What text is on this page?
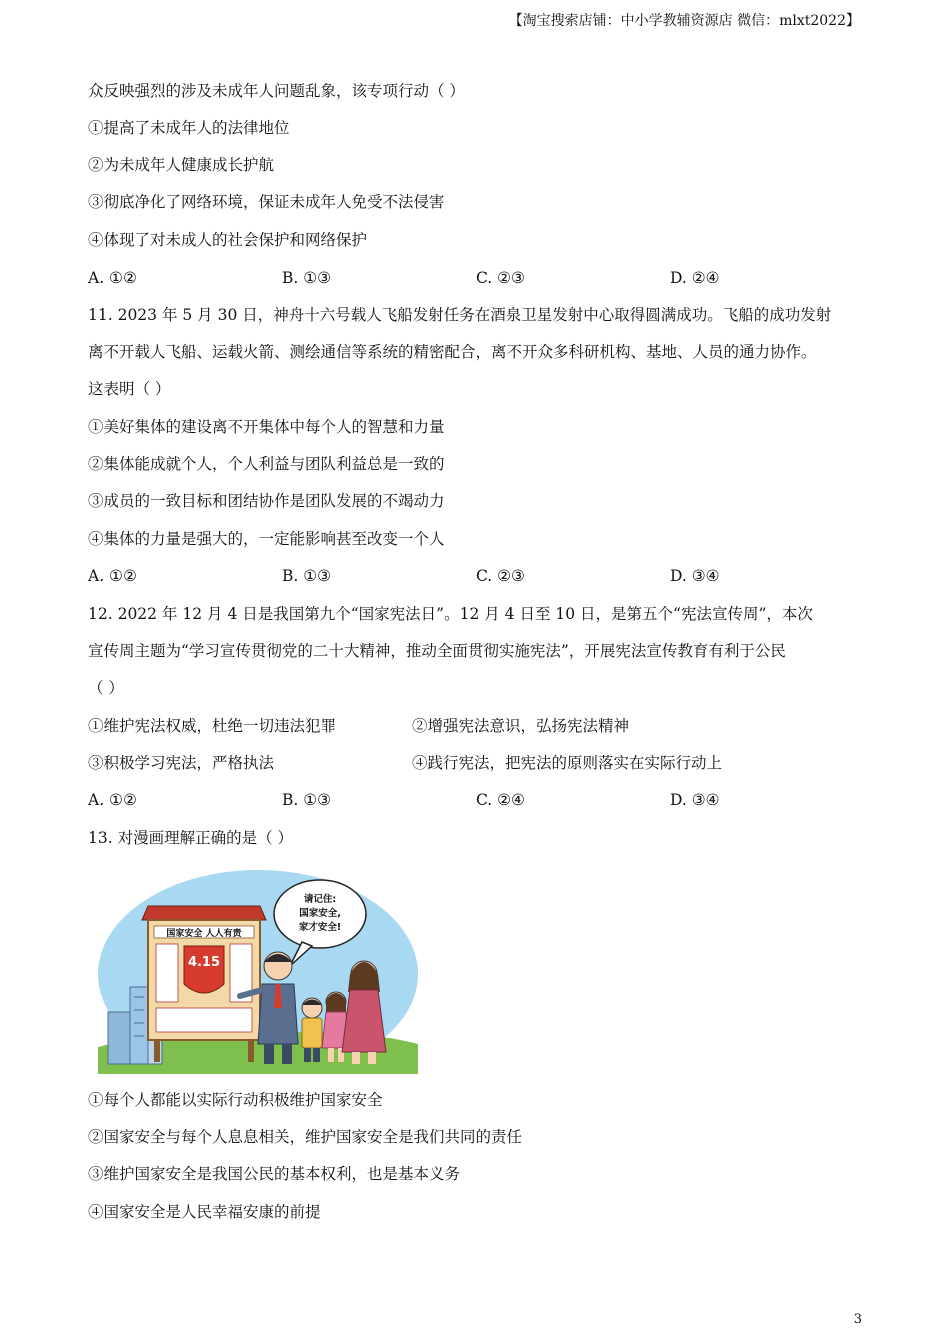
【淘宝搜索店铺：中小学教辅资源店 微信：mlxt2022】
众反映强烈的涉及未成年人问题乱象，该专项行动（ ）
①提高了未成年人的法律地位
②为未成年人健康成长护航
③彻底净化了网络环境，保证未成年人免受不法侵害
④体现了对未成人的社会保护和网络保护
A. ①②	B. ①③	C. ②③	D. ②④
11. 2023 年 5 月 30 日，神舟十六号载人飞船发射任务在酒泉卫星发射中心取得圆满成功。飞船的成功发射
离不开载人飞船、运载火箭、测绘通信等系统的精密配合，离不开众多科研机构、基地、人员的通力协作。
这表明（ ）
①美好集体的建设离不开集体中每个人的智慧和力量
②集体能成就个人，个人利益与团队利益总是一致的
③成员的一致目标和团结协作是团队发展的不竭动力
④集体的力量是强大的，一定能影响甚至改变一个人
A. ①②	B. ①③	C. ②③	D. ③④
12. 2022 年 12 月 4 日是我国第九个“国家宪法日”。12 月 4 日至 10 日，是第五个“宪法宣传周”，本次
宣传周主题为“学习宣传贯彻党的二十大精神，推动全面贯彻实施宪法”，开展宪法宣传教育有利于公民
（ ）
①维护宪法权威，杜绝一切违法犯罪	②增强宪法意识，弘扬宪法精神
③积极学习宪法，严格执法	④践行宪法，把宪法的原则落实在实际行动上
A. ①②	B. ①③	C. ②④	D. ③④
13. 对漫画理解正确的是（ ）
国家安全 人人有责
4.15
请记住:
国家安全,
家才安全!
①每个人都能以实际行动积极维护国家安全
②国家安全与每个人息息相关，维护国家安全是我们共同的责任
③维护国家安全是我国公民的基本权利，也是基本义务
④国家安全是人民幸福安康的前提
3
